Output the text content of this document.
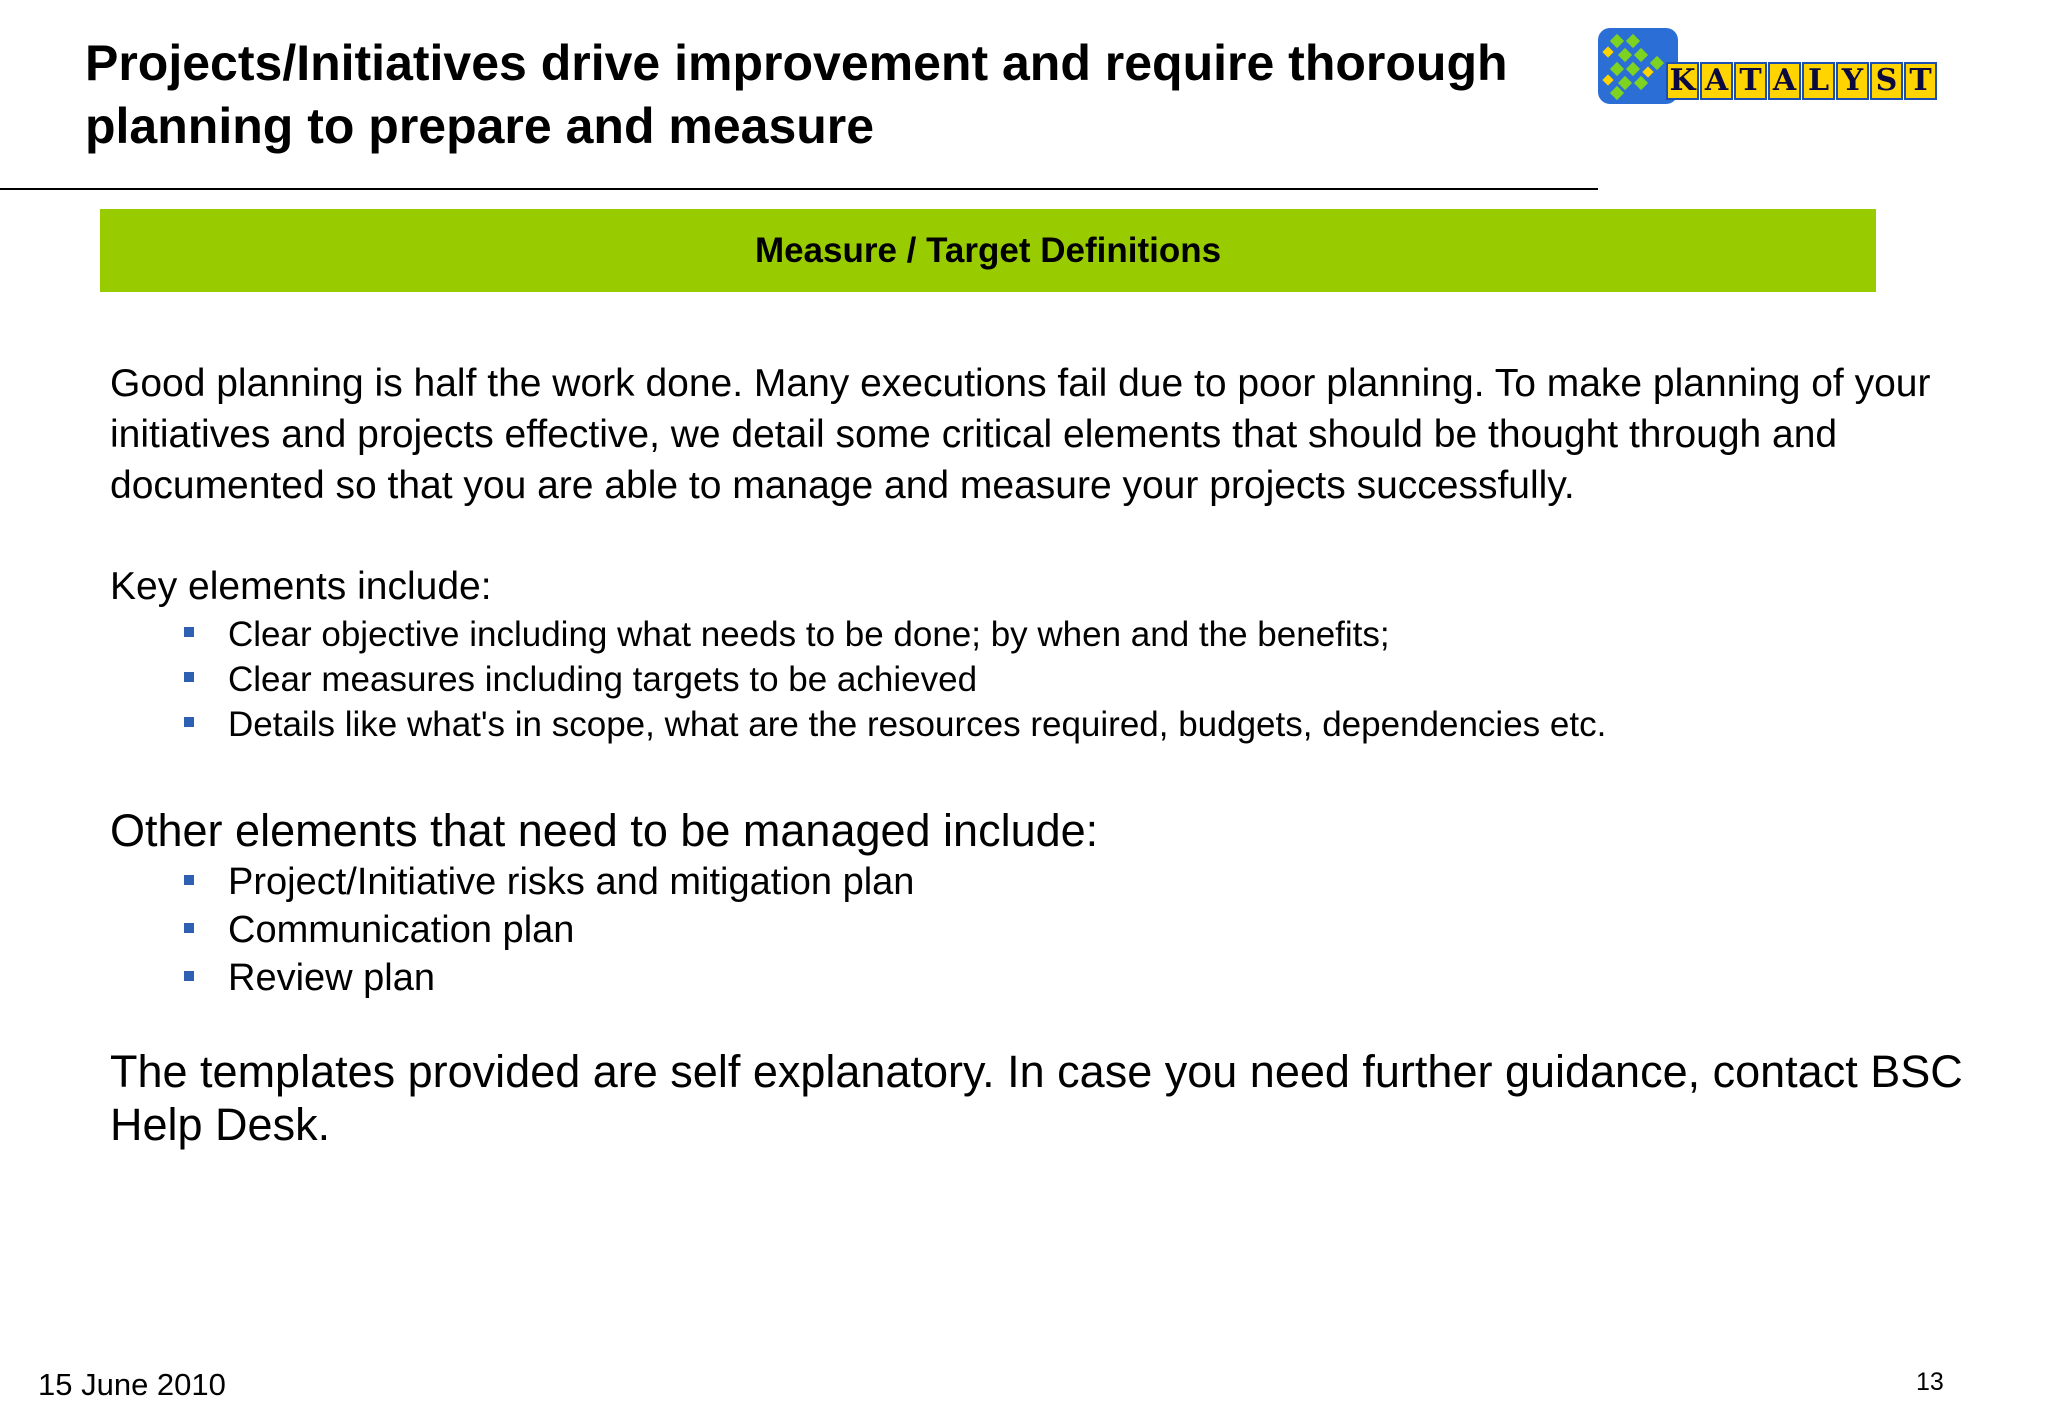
Projects/Initiatives drive improvement and require thorough planning to prepare and measure
K A T A L Y S T
Measure / Target Definitions
Good planning is half the work done. Many executions fail due to poor planning. To make planning of your initiatives and projects effective, we detail some critical elements that should be thought through and documented so that you are able to manage and measure your projects successfully.
Key elements include:
Clear objective including what needs to be done; by when and the benefits;
Clear measures including targets to be achieved
Details like what's in scope, what are the resources required, budgets, dependencies etc.
Other elements that need to be managed include:
Project/Initiative risks and mitigation plan
Communication plan
Review plan
The templates provided are self explanatory. In case you need further guidance, contact BSC Help Desk.
15 June 2010	13
